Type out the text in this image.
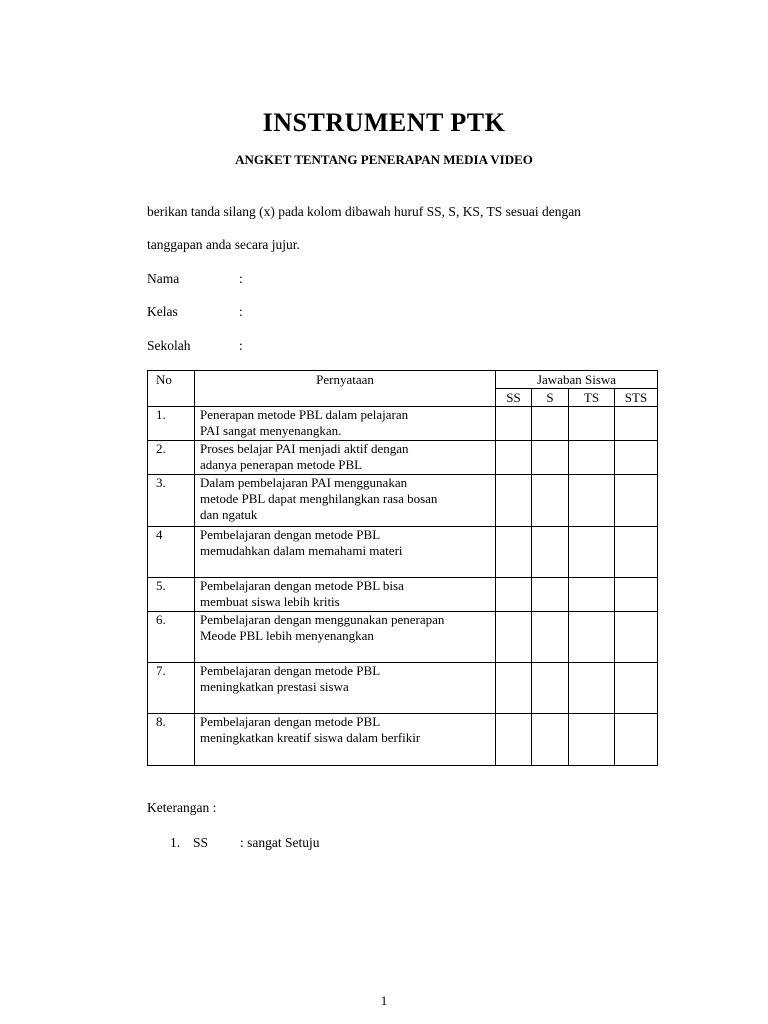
INSTRUMENT PTK
ANGKET TENTANG PENERAPAN MEDIA VIDEO
berikan tanda silang (x) pada kolom dibawah huruf SS, S, KS, TS sesuai dengan
tanggapan anda secara jujur.
Nama	:
Kelas	:
Sekolah	:
No	Pernyataan	Jawaban Siswa			
		SS	S	TS	STS
1.	Penerapan metode PBL dalam pelajaran
PAI sangat menyenangkan.				

2.	Proses belajar PAI menjadi aktif dengan
adanya penerapan metode PBL				

3.	Dalam pembelajaran PAI menggunakan
metode PBL dapat menghilangkan rasa bosan
dan ngatuk				

4	Pembelajaran dengan metode PBL
memudahkan dalam memahami materi				

5.	Pembelajaran dengan metode PBL bisa
membuat siswa lebih kritis				

6.	Pembelajaran dengan menggunakan penerapan
Meode PBL lebih menyenangkan				

7.	Pembelajaran dengan metode PBL
meningkatkan prestasi siswa				

8.	Pembelajaran dengan metode PBL
meningkatkan kreatif siswa dalam berfikir				

Keterangan :
1. SS : sangat Setuju
1
